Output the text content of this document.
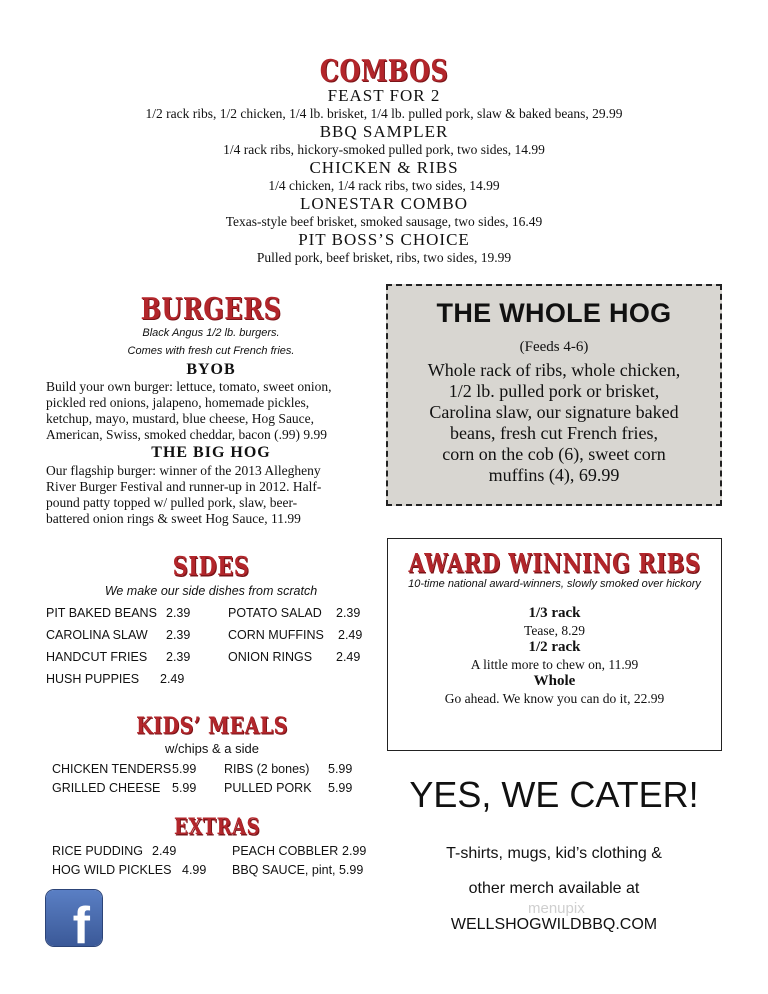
COMBOS
FEAST FOR 2
1/2 rack ribs, 1/2 chicken, 1/4 lb. brisket, 1/4 lb. pulled pork, slaw & baked beans, 29.99
BBQ SAMPLER
1/4 rack ribs, hickory-smoked pulled pork, two sides, 14.99
CHICKEN & RIBS
1/4 chicken, 1/4 rack ribs, two sides, 14.99
LONESTAR COMBO
Texas-style beef brisket, smoked sausage, two sides, 16.49
PIT BOSS’S CHOICE
Pulled pork, beef brisket, ribs, two sides, 19.99
BURGERS
Black Angus 1/2 lb. burgers.
Comes with fresh cut French fries.
BYOB
Build your own burger: lettuce, tomato, sweet onion,
pickled red onions, jalapeno, homemade pickles,
ketchup, mayo, mustard, blue cheese, Hog Sauce,
American, Swiss, smoked cheddar, bacon (.99) 9.99
THE BIG HOG
Our flagship burger: winner of the 2013 Allegheny
River Burger Festival and runner-up in 2012. Half-
pound patty topped w/ pulled pork, slaw, beer-
battered onion rings & sweet Hog Sauce, 11.99
SIDES
We make our side dishes from scratch
PIT BAKED BEANS 2.39	POTATO SALAD	2.39
CAROLINA SLAW	2.39	CORN MUFFINS	2.49
HANDCUT FRIES	2.39	ONION RINGS	2.49
HUSH PUPPIES	2.49
KIDS’ MEALS
w/chips & a side
CHICKEN TENDERS 5.99	RIBS (2 bones)	5.99
GRILLED CHEESE 5.99	PULLED PORK	5.99
EXTRAS
RICE PUDDING 2.49	PEACH COBBLER 2.99
HOG WILD PICKLES 4.99	BBQ SAUCE, pint, 5.99
THE WHOLE HOG
(Feeds 4-6)
Whole rack of ribs, whole chicken,
1/2 lb. pulled pork or brisket,
Carolina slaw, our signature baked
beans, fresh cut French fries,
corn on the cob (6), sweet corn
muffins (4), 69.99
AWARD WINNING RIBS
10-time national award-winners, slowly smoked over hickory
1/3 rack
Tease, 8.29
1/2 rack
A little more to chew on, 11.99
Whole
Go ahead. We know you can do it, 22.99
YES, WE CATER!
T-shirts, mugs, kid’s clothing &
other merch available at
WELLSHOGWILDBBQ.COM
f	menupix
